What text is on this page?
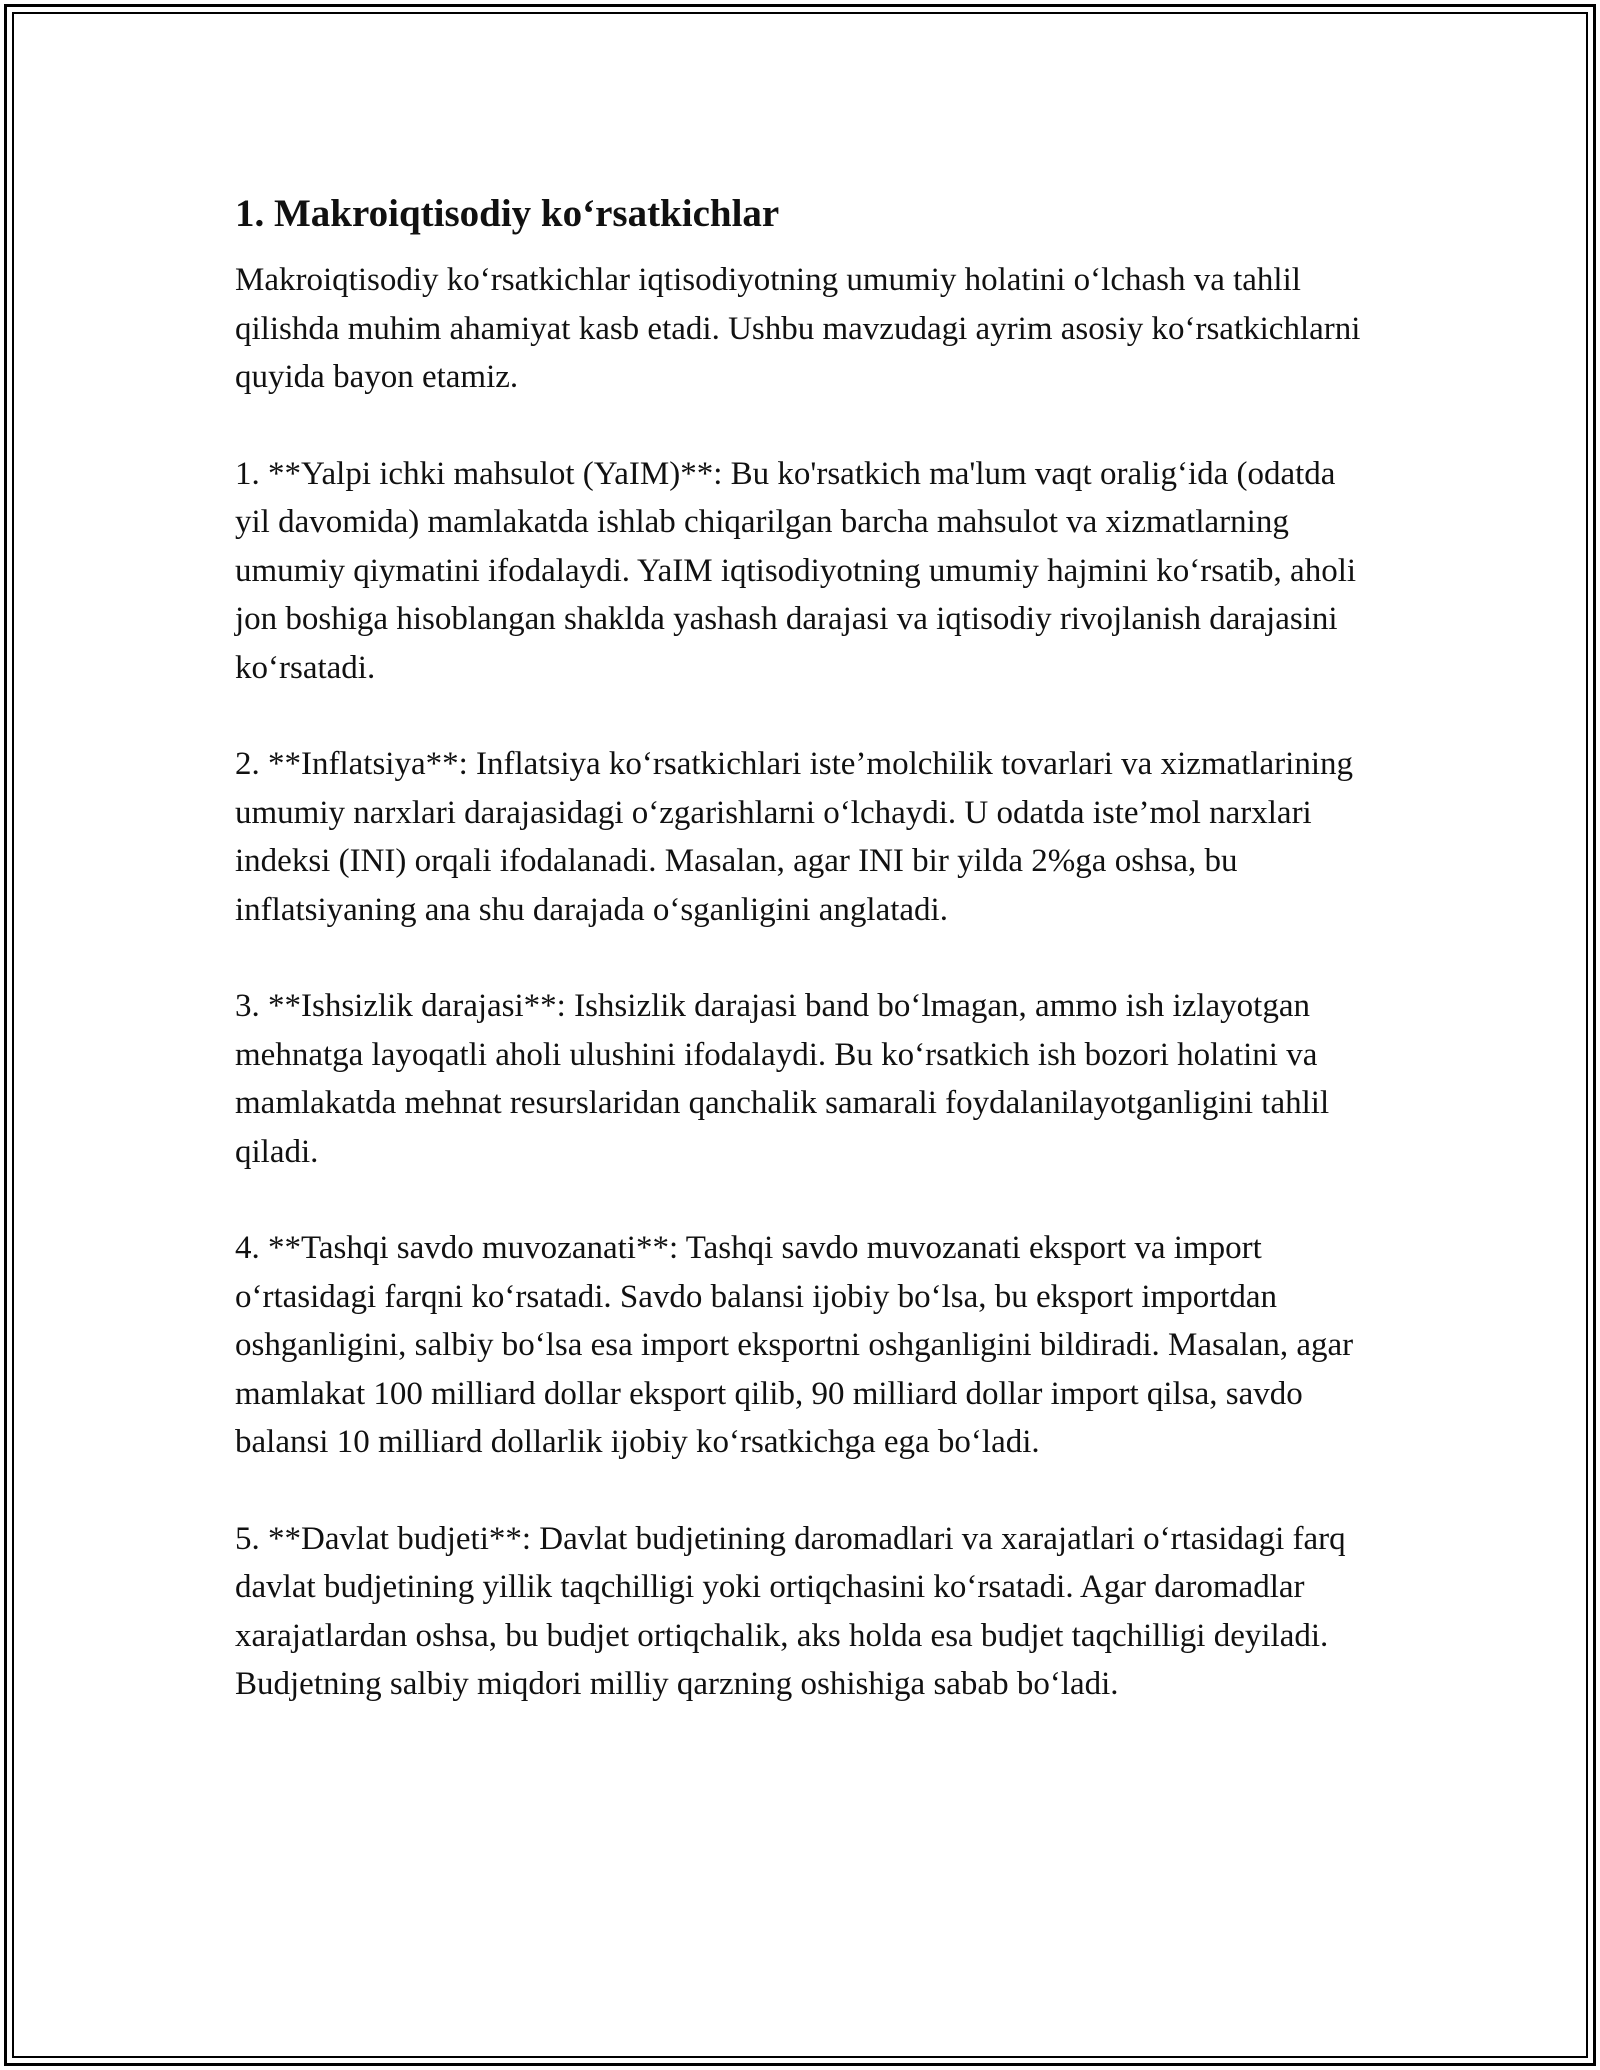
1. Makroiqtisodiy ko‘rsatkichlar

Makroiqtisodiy ko‘rsatkichlar iqtisodiyotning umumiy holatini o‘lchash va tahlil qilishda muhim ahamiyat kasb etadi. Ushbu mavzudagi ayrim asosiy ko‘rsatkichlarni quyida bayon etamiz.

1. **Yalpi ichki mahsulot (YaIM)**: Bu ko'rsatkich ma'lum vaqt oralig‘ida (odatda yil davomida) mamlakatda ishlab chiqarilgan barcha mahsulot va xizmatlarning umumiy qiymatini ifodalaydi. YaIM iqtisodiyotning umumiy hajmini ko‘rsatib, aholi jon boshiga hisoblangan shaklda yashash darajasi va iqtisodiy rivojlanish darajasini ko‘rsatadi.

2. **Inflatsiya**: Inflatsiya ko‘rsatkichlari iste’molchilik tovarlari va xizmatlarining umumiy narxlari darajasidagi o‘zgarishlarni o‘lchaydi. U odatda iste’mol narxlari indeksi (INI) orqali ifodalanadi. Masalan, agar INI bir yilda 2%ga oshsa, bu inflatsiyaning ana shu darajada o‘sganligini anglatadi.

3. **Ishsizlik darajasi**: Ishsizlik darajasi band bo‘lmagan, ammo ish izlayotgan mehnatga layoqatli aholi ulushini ifodalaydi. Bu ko‘rsatkich ish bozori holatini va mamlakatda mehnat resurslaridan qanchalik samarali foydalanilayotganligini tahlil qiladi.

4. **Tashqi savdo muvozanati**: Tashqi savdo muvozanati eksport va import o‘rtasidagi farqni ko‘rsatadi. Savdo balansi ijobiy bo‘lsa, bu eksport importdan oshganligini, salbiy bo‘lsa esa import eksportni oshganligini bildiradi. Masalan, agar mamlakat 100 milliard dollar eksport qilib, 90 milliard dollar import qilsa, savdo balansi 10 milliard dollarlik ijobiy ko‘rsatkichga ega bo‘ladi.

5. **Davlat budjeti**: Davlat budjetining daromadlari va xarajatlari o‘rtasidagi farq davlat budjetining yillik taqchilligi yoki ortiqchasini ko‘rsatadi. Agar daromadlar xarajatlardan oshsa, bu budjet ortiqchalik, aks holda esa budjet taqchilligi deyiladi. Budjetning salbiy miqdori milliy qarzning oshishiga sabab bo‘ladi.
